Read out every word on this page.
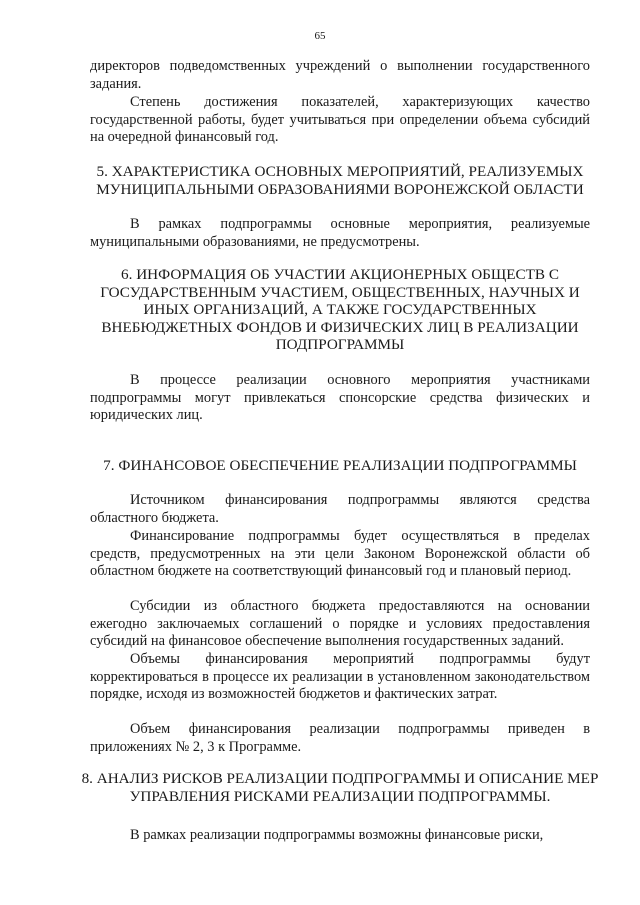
65
директоров подведомственных учреждений о выполнении государственного задания.
Степень достижения показателей, характеризующих качество государственной работы, будет учитываться при определении объема субсидий на очередной финансовый год.
5. ХАРАКТЕРИСТИКА ОСНОВНЫХ МЕРОПРИЯТИЙ, РЕАЛИЗУЕМЫХ МУНИЦИПАЛЬНЫМИ ОБРАЗОВАНИЯМИ ВОРОНЕЖСКОЙ ОБЛАСТИ
В рамках подпрограммы основные мероприятия, реализуемые муниципальными образованиями, не предусмотрены.
6. ИНФОРМАЦИЯ ОБ УЧАСТИИ АКЦИОНЕРНЫХ ОБЩЕСТВ С ГОСУДАРСТВЕННЫМ УЧАСТИЕМ, ОБЩЕСТВЕННЫХ, НАУЧНЫХ И ИНЫХ ОРГАНИЗАЦИЙ, А ТАКЖЕ ГОСУДАРСТВЕННЫХ ВНЕБЮДЖЕТНЫХ ФОНДОВ И ФИЗИЧЕСКИХ ЛИЦ В РЕАЛИЗАЦИИ ПОДПРОГРАММЫ
В процессе реализации основного мероприятия участниками подпрограммы могут привлекаться спонсорские средства физических и юридических лиц.
7. ФИНАНСОВОЕ ОБЕСПЕЧЕНИЕ РЕАЛИЗАЦИИ ПОДПРОГРАММЫ
Источником финансирования подпрограммы являются средства областного бюджета.
Финансирование подпрограммы будет осуществляться в пределах средств, предусмотренных на эти цели Законом Воронежской области об областном бюджете на соответствующий финансовый год и плановый период.
Субсидии из областного бюджета предоставляются на основании ежегодно заключаемых соглашений о порядке и условиях предоставления субсидий на финансовое обеспечение выполнения государственных заданий.
Объемы финансирования мероприятий подпрограммы будут корректироваться в процессе их реализации в установленном законодательством порядке, исходя из возможностей бюджетов и фактических затрат.
Объем финансирования реализации подпрограммы приведен в приложениях № 2, 3 к Программе.
8. АНАЛИЗ РИСКОВ РЕАЛИЗАЦИИ ПОДПРОГРАММЫ И ОПИСАНИЕ МЕР УПРАВЛЕНИЯ РИСКАМИ РЕАЛИЗАЦИИ ПОДПРОГРАММЫ.
В рамках реализации подпрограммы возможны финансовые риски,
